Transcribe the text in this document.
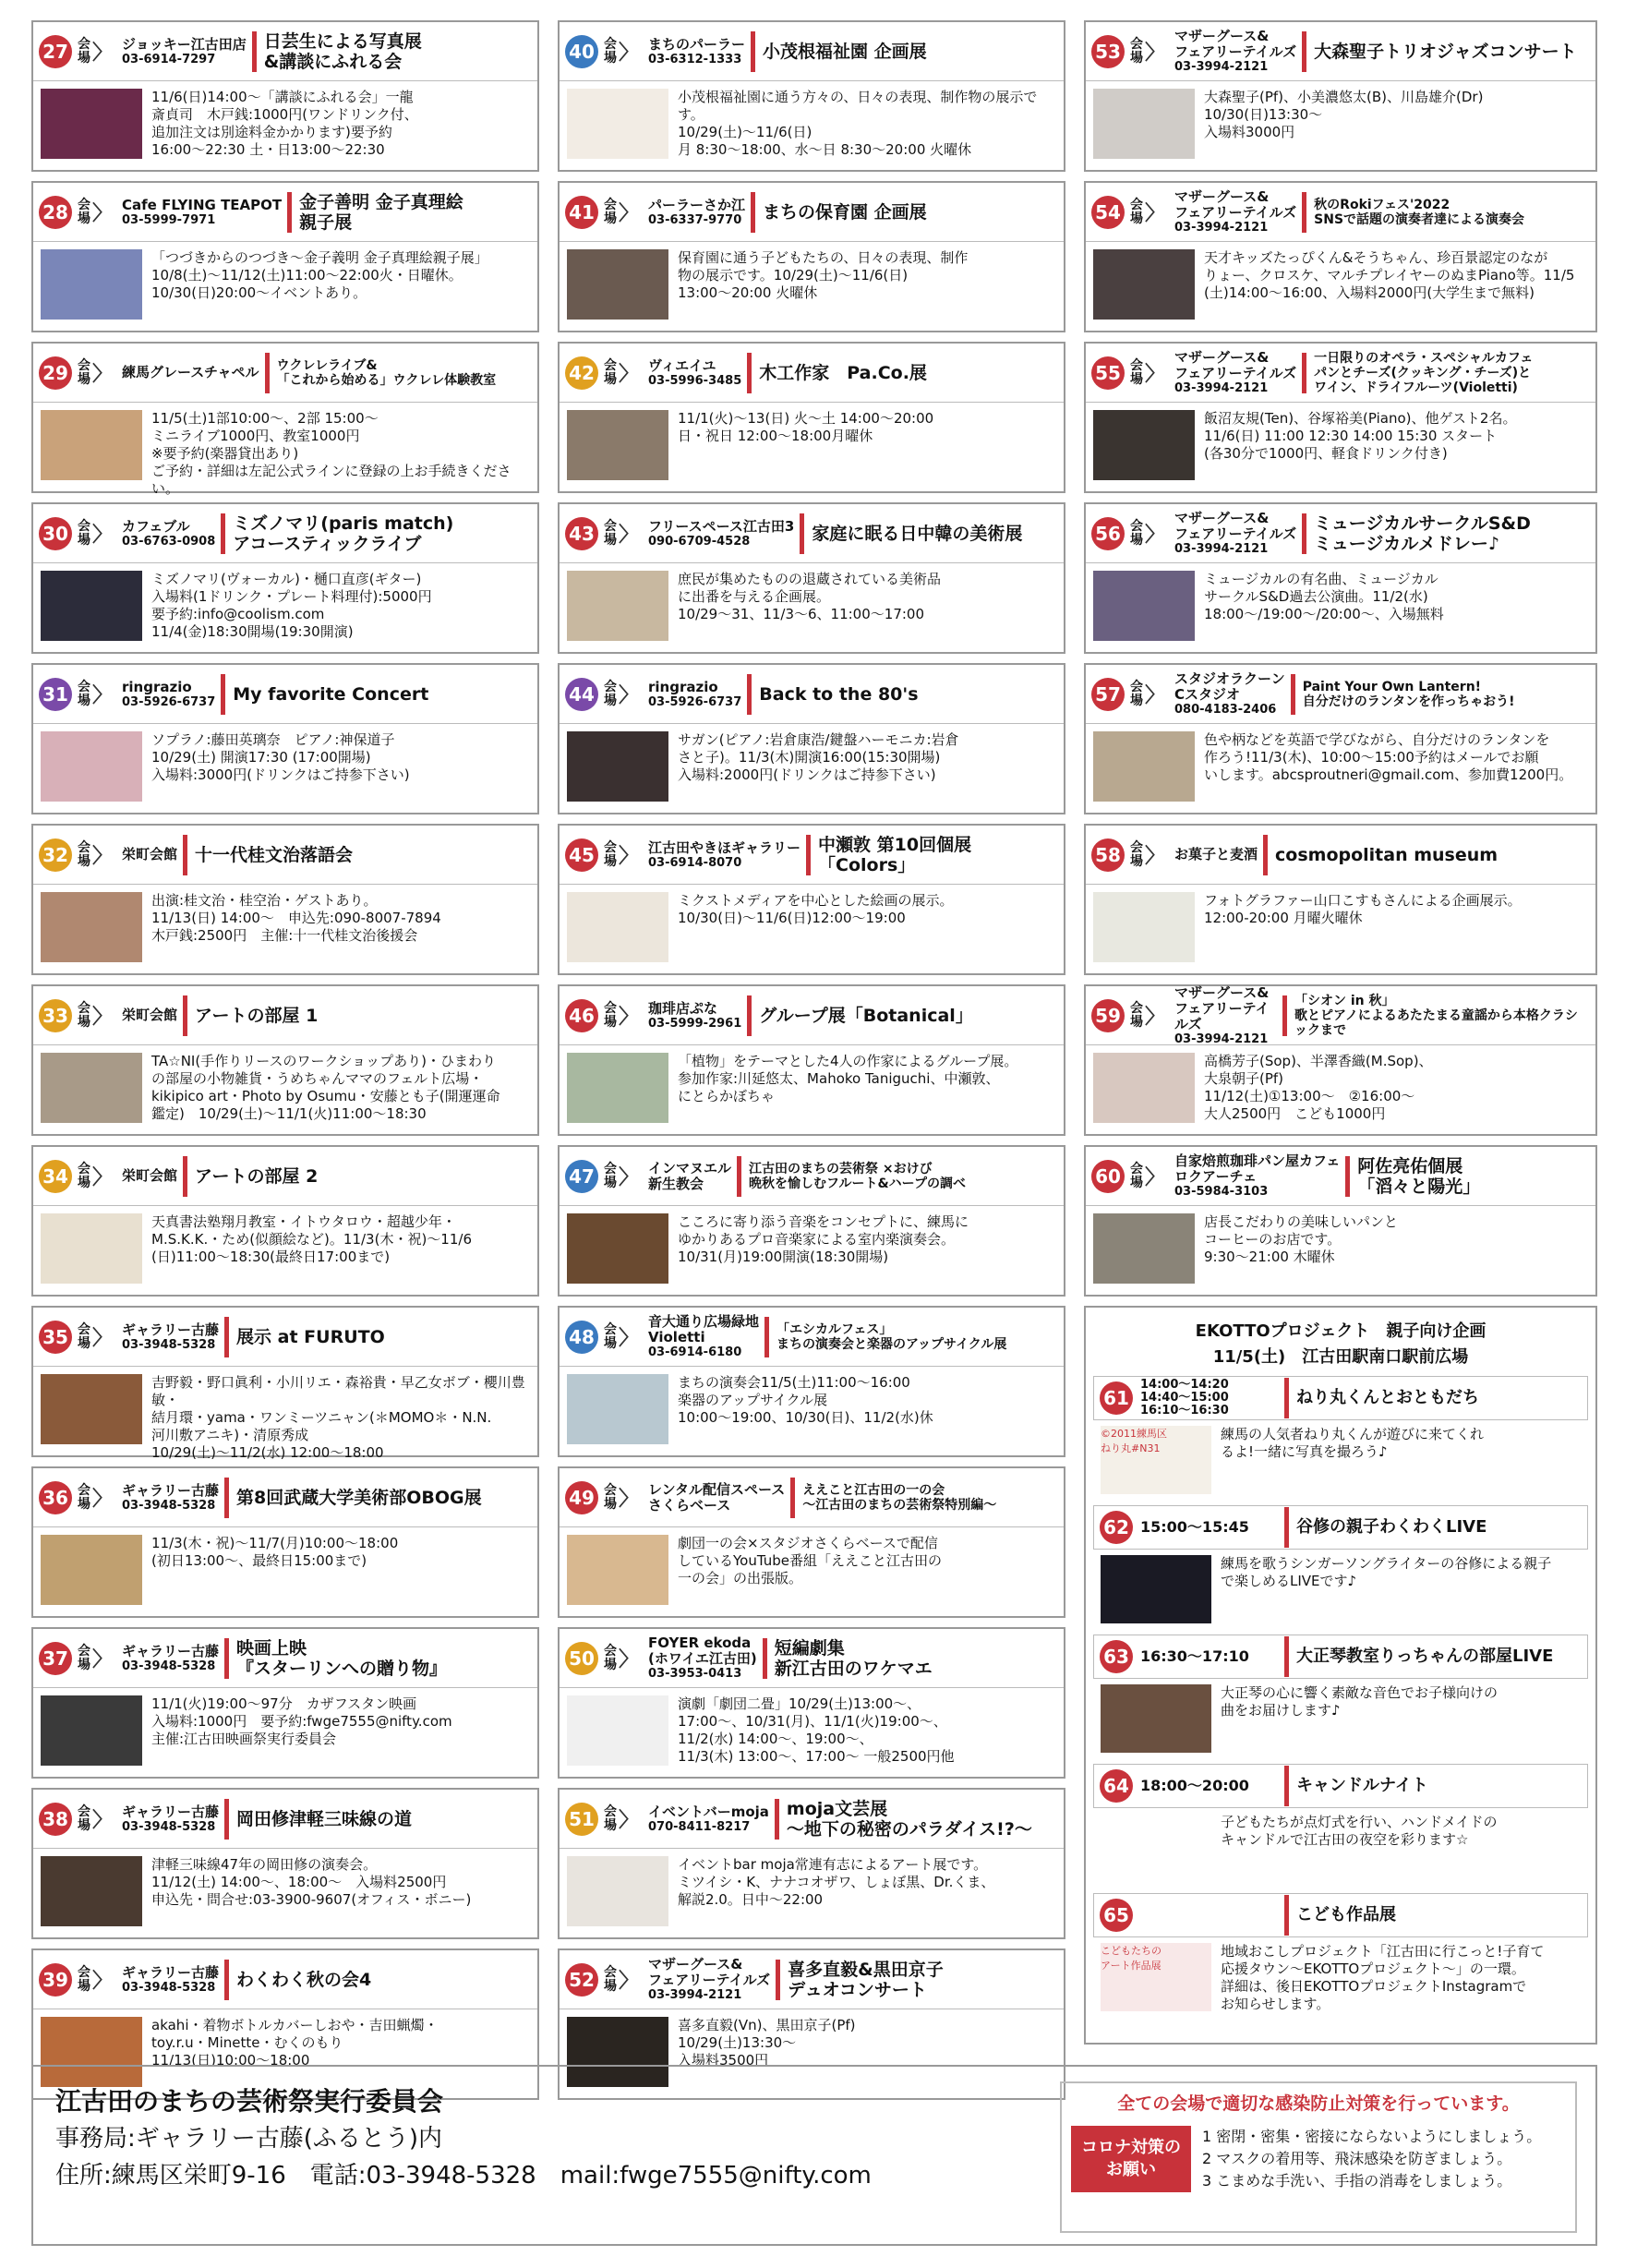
27 会
場 〉 ジョッキー江古田店
03-6914-7297
日芸生による写真展
&講談にふれる会
11/6(日)14:00〜「講談にふれる会」一龍
斎貞司　木戸銭:1000円(ワンドリンク付、
追加注文は別途料金かかります)要予約
16:00〜22:30 土・日13:00〜22:30
28 会
場 〉 Cafe FLYING TEAPOT
03-5999-7971
金子善明 金子真理絵
親子展
「つづきからのつづき〜金子義明 金子真理絵親子展」
10/8(土)〜11/12(土)11:00〜22:00火・日曜休。
10/30(日)20:00〜イベントあり。
29 会
場 〉 練馬グレースチャペル ウクレレライブ&
「これから始める」ウクレレ体験教室
11/5(土)1部10:00〜、2部 15:00〜
ミニライブ1000円、教室1000円
※要予約(楽器貸出あり)
ご予約・詳細は左記公式ラインに登録の上お手続きください。
30 会
場 〉 カフェブル
03-6763-0908
ミズノマリ(paris match)
アコースティックライブ
ミズノマリ(ヴォーカル)・樋口直彦(ギター)
入場料(1ドリンク・プレート料理付):5000円
要予約:info@coolism.com
11/4(金)18:30開場(19:30開演)
31 会
場 〉 ringrazio
03-5926-6737 My favorite Concert
ソプラノ:藤田英璃奈　ピアノ:神保道子
10/29(土) 開演17:30 (17:00開場)
入場料:3000円(ドリンクはご持参下さい)
32 会
場 〉 栄町会館 十一代桂文治落語会
出演:桂文治・桂空治・ゲストあり。
11/13(日) 14:00〜　申込先:090-8007-7894
木戸銭:2500円　主催:十一代桂文治後援会
33 会
場 〉 栄町会館 アートの部屋 1
TA☆NI(手作りリースのワークショップあり)・ひまわり
の部屋の小物雑貨・うめちゃんママのフェルト広場・
kikipico art・Photo by Osumu・安藤とも子(開運運命
鑑定)　10/29(土)〜11/1(火)11:00〜18:30
34 会
場 〉 栄町会館 アートの部屋 2
天真書法塾翔月教室・イトウタロウ・超越少年・
M.S.K.K.・ため(似顔絵など)。11/3(木・祝)〜11/6
(日)11:00〜18:30(最終日17:00まで)
35 会
場 〉 ギャラリー古藤
03-3948-5328 展示 at FURUTO
吉野毅・野口眞利・小川リエ・森裕貴・早乙女ボブ・櫻川豊敏・
結月環・yama・ワンミーツニャン(＊MOMO＊・N.N.
河川敷アニキ)・清原秀成
10/29(土)〜11/2(水) 12:00〜18:00
36 会
場 〉 ギャラリー古藤
03-3948-5328 第8回武蔵大学美術部OBOG展
11/3(木・祝)〜11/7(月)10:00〜18:00
(初日13:00〜、最終日15:00まで)
37 会
場 〉 ギャラリー古藤
03-3948-5328
映画上映
『スターリンへの贈り物』
11/1(火)19:00〜97分　カザフスタン映画
入場料:1000円　要予約:fwge7555@nifty.com
主催:江古田映画祭実行委員会
38 会
場 〉 ギャラリー古藤
03-3948-5328 岡田修津軽三味線の道
津軽三味線47年の岡田修の演奏会。
11/12(土) 14:00〜、18:00〜　入場料2500円
申込先・問合せ:03-3900-9607(オフィス・ボニー)
39 会
場 〉 ギャラリー古藤
03-3948-5328 わくわく秋の会4
akahi・着物ボトルカバーしおや・吉田蝋燭・
toy.r.u・Minette・むくのもり
11/13(日)10:00〜18:00
40 会
場 〉 まちのパーラー
03-6312-1333 小茂根福祉園 企画展
小茂根福祉園に通う方々の、日々の表現、制作物の展示です。
10/29(土)〜11/6(日)
月 8:30〜18:00、水〜日 8:30〜20:00 火曜休
41 会
場 〉 パーラーさか江
03-6337-9770 まちの保育園 企画展
保育園に通う子どもたちの、日々の表現、制作
物の展示です。10/29(土)〜11/6(日)
13:00〜20:00 火曜休
42 会
場 〉 ヴィエイユ
03-5996-3485 木工作家　Pa.Co.展
11/1(火)〜13(日) 火〜土 14:00〜20:00
日・祝日 12:00〜18:00月曜休
43 会
場 〉 フリースペース江古田3
090-6709-4528	家庭に眠る日中韓の美術展
庶民が集めたものの退蔵されている美術品
に出番を与える企画展。
10/29〜31、11/3〜6、11:00〜17:00
44 会
場 〉 ringrazio
03-5926-6737 Back to the 80's
サガン(ピアノ:岩倉康浩/鍵盤ハーモニカ:岩倉
さと子)。11/3(木)開演16:00(15:30開場)
入場料:2000円(ドリンクはご持参下さい)
45 会
場 〉 江古田やきほギャラリー
03-6914-8070
中瀬敦 第10回個展
「Colors」
ミクストメディアを中心とした絵画の展示。
10/30(日)〜11/6(日)12:00〜19:00
46 会
場 〉 珈琲店ぷな
03-5999-2961 グループ展「Botanical」
「植物」をテーマとした4人の作家によるグループ展。
参加作家:川延悠太、Mahoko Taniguchi、中瀬敦、
にとらかぼちゃ
47 会
場 〉 インマヌエル
新生教会
江古田のまちの芸術祭 ×おけび
晩秋を愉しむフルート&ハープの調べ
こころに寄り添う音楽をコンセプトに、練馬に
ゆかりあるプロ音楽家による室内楽演奏会。
10/31(月)19:00開演(18:30開場)
48 会
場 〉
音大通り広場緑地
Violetti
03-6914-6180
「エシカルフェス」
まちの演奏会と楽器のアップサイクル展
まちの演奏会11/5(土)11:00〜16:00
楽器のアップサイクル展
10:00〜19:00、10/30(日)、11/2(水)休
49 会
場 〉 レンタル配信スペース
さくらベース
ええこと江古田の一の会
〜江古田のまちの芸術祭特別編〜
劇団一の会×スタジオさくらベースで配信
しているYouTube番組「ええこと江古田の
一の会」の出張版。
50 会
場 〉
FOYER ekoda
(ホワイエ江古田)
03-3953-0413
短編劇集
新江古田のワケマエ
演劇「劇団二畳」10/29(土)13:00〜、
17:00〜、10/31(月)、11/1(火)19:00〜、
11/2(水) 14:00〜、19:00〜、
11/3(木) 13:00〜、17:00〜 一般2500円他
51 会
場 〉 イベントバーmoja
070-8411-8217
moja文芸展
〜地下の秘密のパラダイス!?〜
イベントbar moja常連有志によるアート展です。
ミツイシ・K、ナナコオザワ、しょぼ黒、Dr.くま、
解説2.0。日中〜22:00
52 会
場 〉
マザーグース&
フェアリーテイルズ
03-3994-2121
喜多直毅&黒田京子
デュオコンサート
喜多直毅(Vn)、黒田京子(Pf)
10/29(土)13:30〜
入場料3500円
53 会
場 〉
マザーグース&
フェアリーテイルズ
03-3994-2121
大森聖子トリオジャズコンサート
大森聖子(Pf)、小美濃悠太(B)、川島雄介(Dr)
10/30(日)13:30〜
入場料3000円
54 会
場 〉
マザーグース&
フェアリーテイルズ
03-3994-2121
秋のRokiフェス'2022
SNSで話題の演奏者達による演奏会
天才キッズたっぴくん&そうちゃん、珍百景認定のなが
りょー、クロスケ、マルチプレイヤーのぬまPiano等。11/5
(土)14:00〜16:00、入場料2000円(大学生まで無料)
55 会
場 〉
マザーグース&
フェアリーテイルズ
03-3994-2121
一日限りのオペラ・スペシャルカフェ
パンとチーズ(クッキング・チーズ)と
ワイン、ドライフルーツ(Violetti)
飯沼友規(Ten)、谷塚裕美(Piano)、他ゲスト2名。
11/6(日) 11:00 12:30 14:00 15:30 スタート
(各30分で1000円、軽食ドリンク付き)
56 会
場 〉
マザーグース&
フェアリーテイルズ
03-3994-2121
ミュージカルサークルS&D
ミュージカルメドレー♪
ミュージカルの有名曲、ミュージカル
サークルS&D過去公演曲。11/2(水)
18:00〜/19:00〜/20:00〜、入場無料
57 会
場 〉
スタジオラクーン
Cスタジオ
080-4183-2406
Paint Your Own Lantern!
自分だけのランタンを作っちゃおう!
色や柄などを英語で学びながら、自分だけのランタンを
作ろう!11/3(木)、10:00〜15:00予約はメールでお願
いします。abcsproutneri@gmail.com、参加費1200円。
58 会
場 〉 お菓子と麦酒 cosmopolitan museum
フォトグラファー山口こすもさんによる企画展示。
12:00-20:00 月曜火曜休
59 会
場 〉
マザーグース&
フェアリーテイルズ
03-3994-2121
「シオン in 秋」
歌とピアノによるあたたまる童謡から本格クラシックまで
高橋芳子(Sop)、半澤香織(M.Sop)、
大泉朝子(Pf)
11/12(土)①13:00〜　②16:00〜
大人2500円　こども1000円
60 会
場 〉
自家焙煎珈琲パン屋カフェ
ロクアーチェ
03-5984-3103
阿佐亮佑個展
「滔々と陽光」
店長こだわりの美味しいパンと
コーヒーのお店です。
9:30〜21:00 木曜休
EKOTTOプロジェクト　親子向け企画
11/5(土)　江古田駅南口駅前広場
61
14:00〜14:20
14:40〜15:00
16:10〜16:30
ねり丸くんとおともだち
©2011練馬区
ねり丸#N31
練馬の人気者ねり丸くんが遊びに来てくれ
るよ!一緒に写真を撮ろう♪
62 15:00〜15:45	谷修の親子わくわくLIVE
練馬を歌うシンガーソングライターの谷修による親子
で楽しめるLIVEです♪
63 16:30〜17:10	大正琴教室りっちゃんの部屋LIVE
大正琴の心に響く素敵な音色でお子様向けの
曲をお届けします♪
64 18:00〜20:00	キャンドルナイト
子どもたちが点灯式を行い、ハンドメイドの
キャンドルで江古田の夜空を彩ります☆
65	こども作品展
こどもたちの
アート作品展
地域おこしプロジェクト「江古田に行こっと!子育て
応援タウン〜EKOTTOプロジェクト〜」の一環。
詳細は、後日EKOTTOプロジェクトInstagramで
お知らせします。
江古田のまちの芸術祭実行委員会
事務局:ギャラリー古藤(ふるとう)内
住所:練馬区栄町9-16　電話:03-3948-5328　mail:fwge7555@nifty.com
全ての会場で適切な感染防止対策を行っています。
コロナ対策の
お願い
1 密閉・密集・密接にならないようにしましょう。
2 マスクの着用等、飛沫感染を防ぎましょう。
3 こまめな手洗い、手指の消毒をしましょう。
